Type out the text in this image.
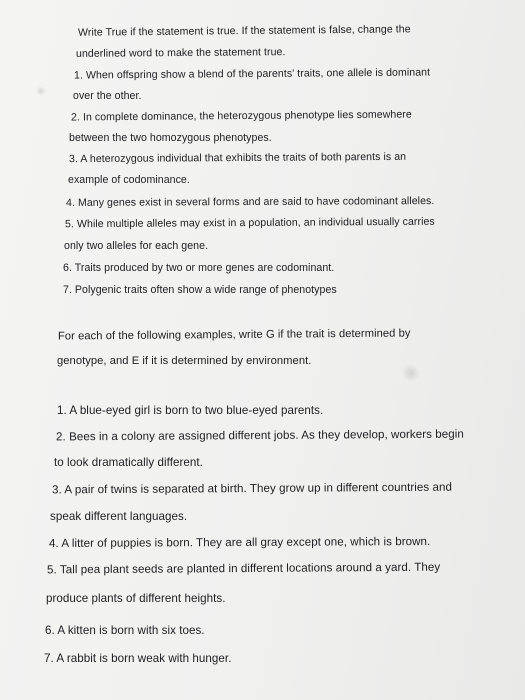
Write True if the statement is true. If the statement is false, change the
underlined word to make the statement true.
1. When offspring show a blend of the parents' traits, one allele is dominant
over the other.
2. In complete dominance, the heterozygous phenotype lies somewhere
between the two homozygous phenotypes.
3. A heterozygous individual that exhibits the traits of both parents is an
example of codominance.
4. Many genes exist in several forms and are said to have codominant alleles.
5. While multiple alleles may exist in a population, an individual usually carries
only two alleles for each gene.
6. Traits produced by two or more genes are codominant.
7. Polygenic traits often show a wide range of phenotypes
For each of the following examples, write G if the trait is determined by
genotype, and E if it is determined by environment.
1. A blue-eyed girl is born to two blue-eyed parents.
2. Bees in a colony are assigned different jobs. As they develop, workers begin
to look dramatically different.
3. A pair of twins is separated at birth. They grow up in different countries and
speak different languages.
4. A litter of puppies is born. They are all gray except one, which is brown.
5. Tall pea plant seeds are planted in different locations around a yard. They
produce plants of different heights.
6. A kitten is born with six toes.
7. A rabbit is born weak with hunger.
